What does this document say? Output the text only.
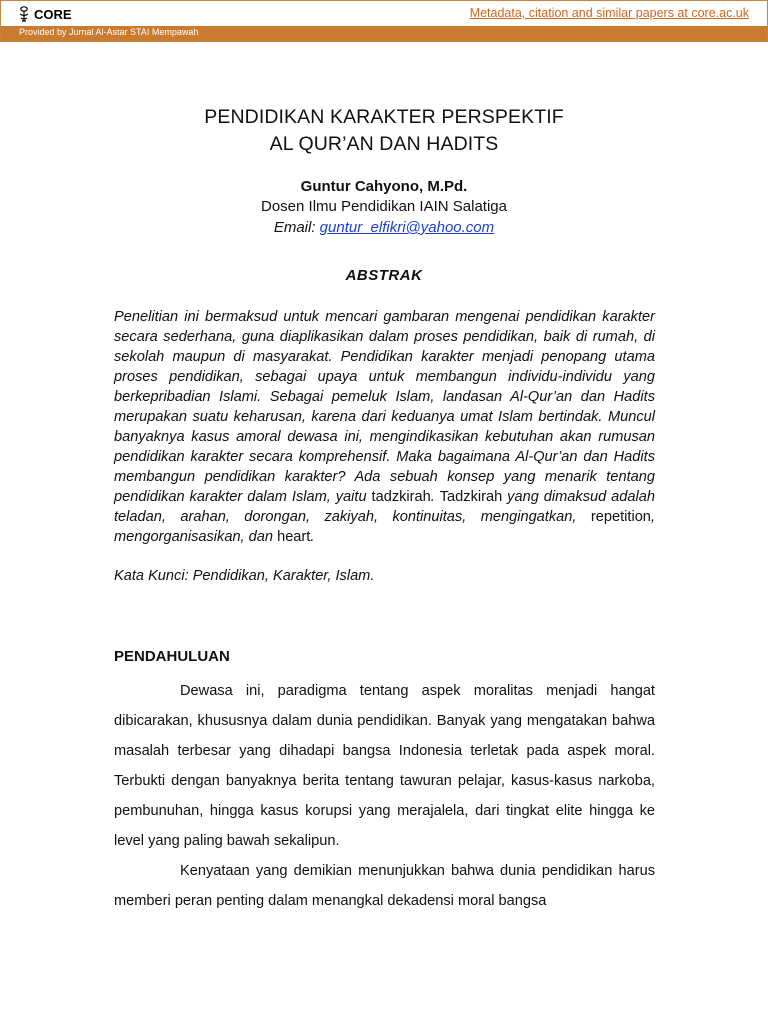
CORE	Metadata, citation and similar papers at core.ac.uk
Provided by Jurnal Al-Astar STAI Mempawah
PENDIDIKAN KARAKTER PERSPEKTIF
AL QUR’AN DAN HADITS
Guntur Cahyono, M.Pd.
Dosen Ilmu Pendidikan IAIN Salatiga
Email: guntur_elfikri@yahoo.com
ABSTRAK

Penelitian ini bermaksud untuk mencari gambaran mengenai pendidikan karakter secara sederhana, guna diaplikasikan dalam proses pendidikan, baik di rumah, di sekolah maupun di masyarakat. Pendidikan karakter menjadi penopang utama proses pendidikan, sebagai upaya untuk membangun individu-individu yang berkepribadian Islami. Sebagai pemeluk Islam, landasan Al-Qur’an dan Hadits merupakan suatu keharusan, karena dari keduanya umat Islam bertindak. Muncul banyaknya kasus amoral dewasa ini, mengindikasikan kebutuhan akan rumusan pendidikan karakter secara komprehensif. Maka bagaimana Al-Qur’an dan Hadits membangun pendidikan karakter? Ada sebuah konsep yang menarik tentang pendidikan karakter dalam Islam, yaitu tadzkirah. Tadzkirah yang dimaksud adalah teladan, arahan, dorongan, zakiyah, kontinuitas, mengingatkan, repetition, mengorganisasikan, dan heart.

Kata Kunci: Pendidikan, Karakter, Islam.

PENDAHULUAN

Dewasa ini, paradigma tentang aspek moralitas menjadi hangat dibicarakan, khususnya dalam dunia pendidikan. Banyak yang mengatakan bahwa masalah terbesar yang dihadapi bangsa Indonesia terletak pada aspek moral. Terbukti dengan banyaknya berita tentang tawuran pelajar, kasus-kasus narkoba, pembunuhan, hingga kasus korupsi yang merajalela, dari tingkat elite hingga ke level yang paling bawah sekalipun.

Kenyataan yang demikian menunjukkan bahwa dunia pendidikan harus memberi peran penting dalam menangkal dekadensi moral bangsa
